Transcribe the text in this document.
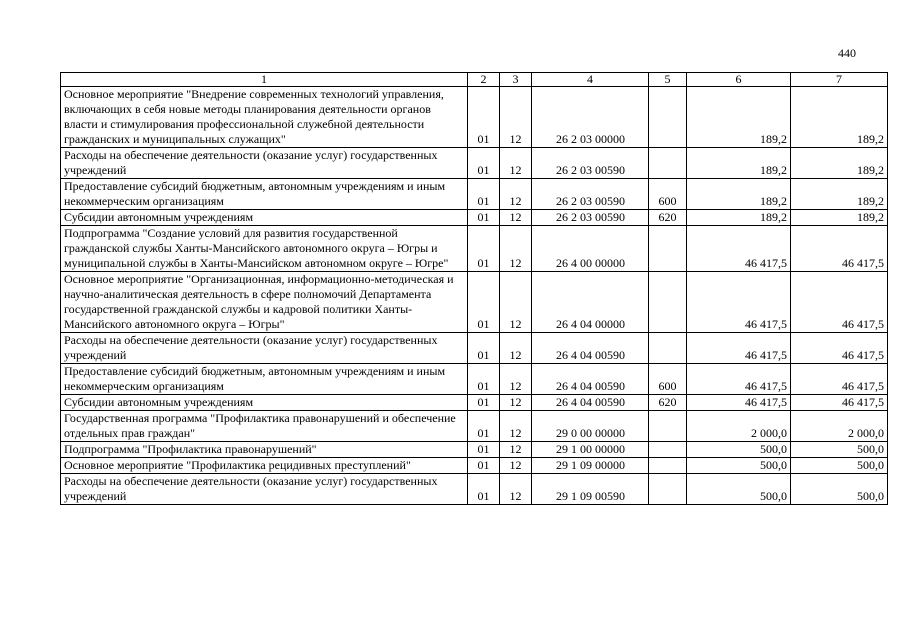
440
1	2	3	4	5	6	7
Основное мероприятие "Внедрение современных технологий управления, включающих в себя новые методы планирования деятельности органов власти и стимулирования профессиональной служебной деятельности гражданских и муниципальных служащих"	01	12	26 2 03 00000		189,2	189,2
Расходы на обеспечение деятельности (оказание услуг) государственных учреждений	01	12	26 2 03 00590		189,2	189,2
Предоставление субсидий бюджетным, автономным учреждениям и иным некоммерческим организациям	01	12	26 2 03 00590	600	189,2	189,2
Субсидии автономным учреждениям	01	12	26 2 03 00590	620	189,2	189,2
Подпрограмма "Создание условий для развития государственной гражданской службы Ханты-Мансийского автономного округа – Югры и муниципальной службы в Ханты-Мансийском автономном округе – Югре"	01	12	26 4 00 00000		46 417,5	46 417,5
Основное мероприятие "Организационная, информационно-методическая и научно-аналитическая деятельность в сфере полномочий Департамента государственной гражданской службы и кадровой политики Ханты-Мансийского автономного округа – Югры"	01	12	26 4 04 00000		46 417,5	46 417,5
Расходы на обеспечение деятельности (оказание услуг) государственных учреждений	01	12	26 4 04 00590		46 417,5	46 417,5
Предоставление субсидий бюджетным, автономным учреждениям и иным некоммерческим организациям	01	12	26 4 04 00590	600	46 417,5	46 417,5
Субсидии автономным учреждениям	01	12	26 4 04 00590	620	46 417,5	46 417,5
Государственная программа "Профилактика правонарушений и обеспечение отдельных прав граждан"	01	12	29 0 00 00000		2 000,0	2 000,0
Подпрограмма "Профилактика правонарушений"	01	12	29 1 00 00000		500,0	500,0
Основное мероприятие "Профилактика рецидивных преступлений"	01	12	29 1 09 00000		500,0	500,0
Расходы на обеспечение деятельности (оказание услуг) государственных учреждений	01	12	29 1 09 00590		500,0	500,0
